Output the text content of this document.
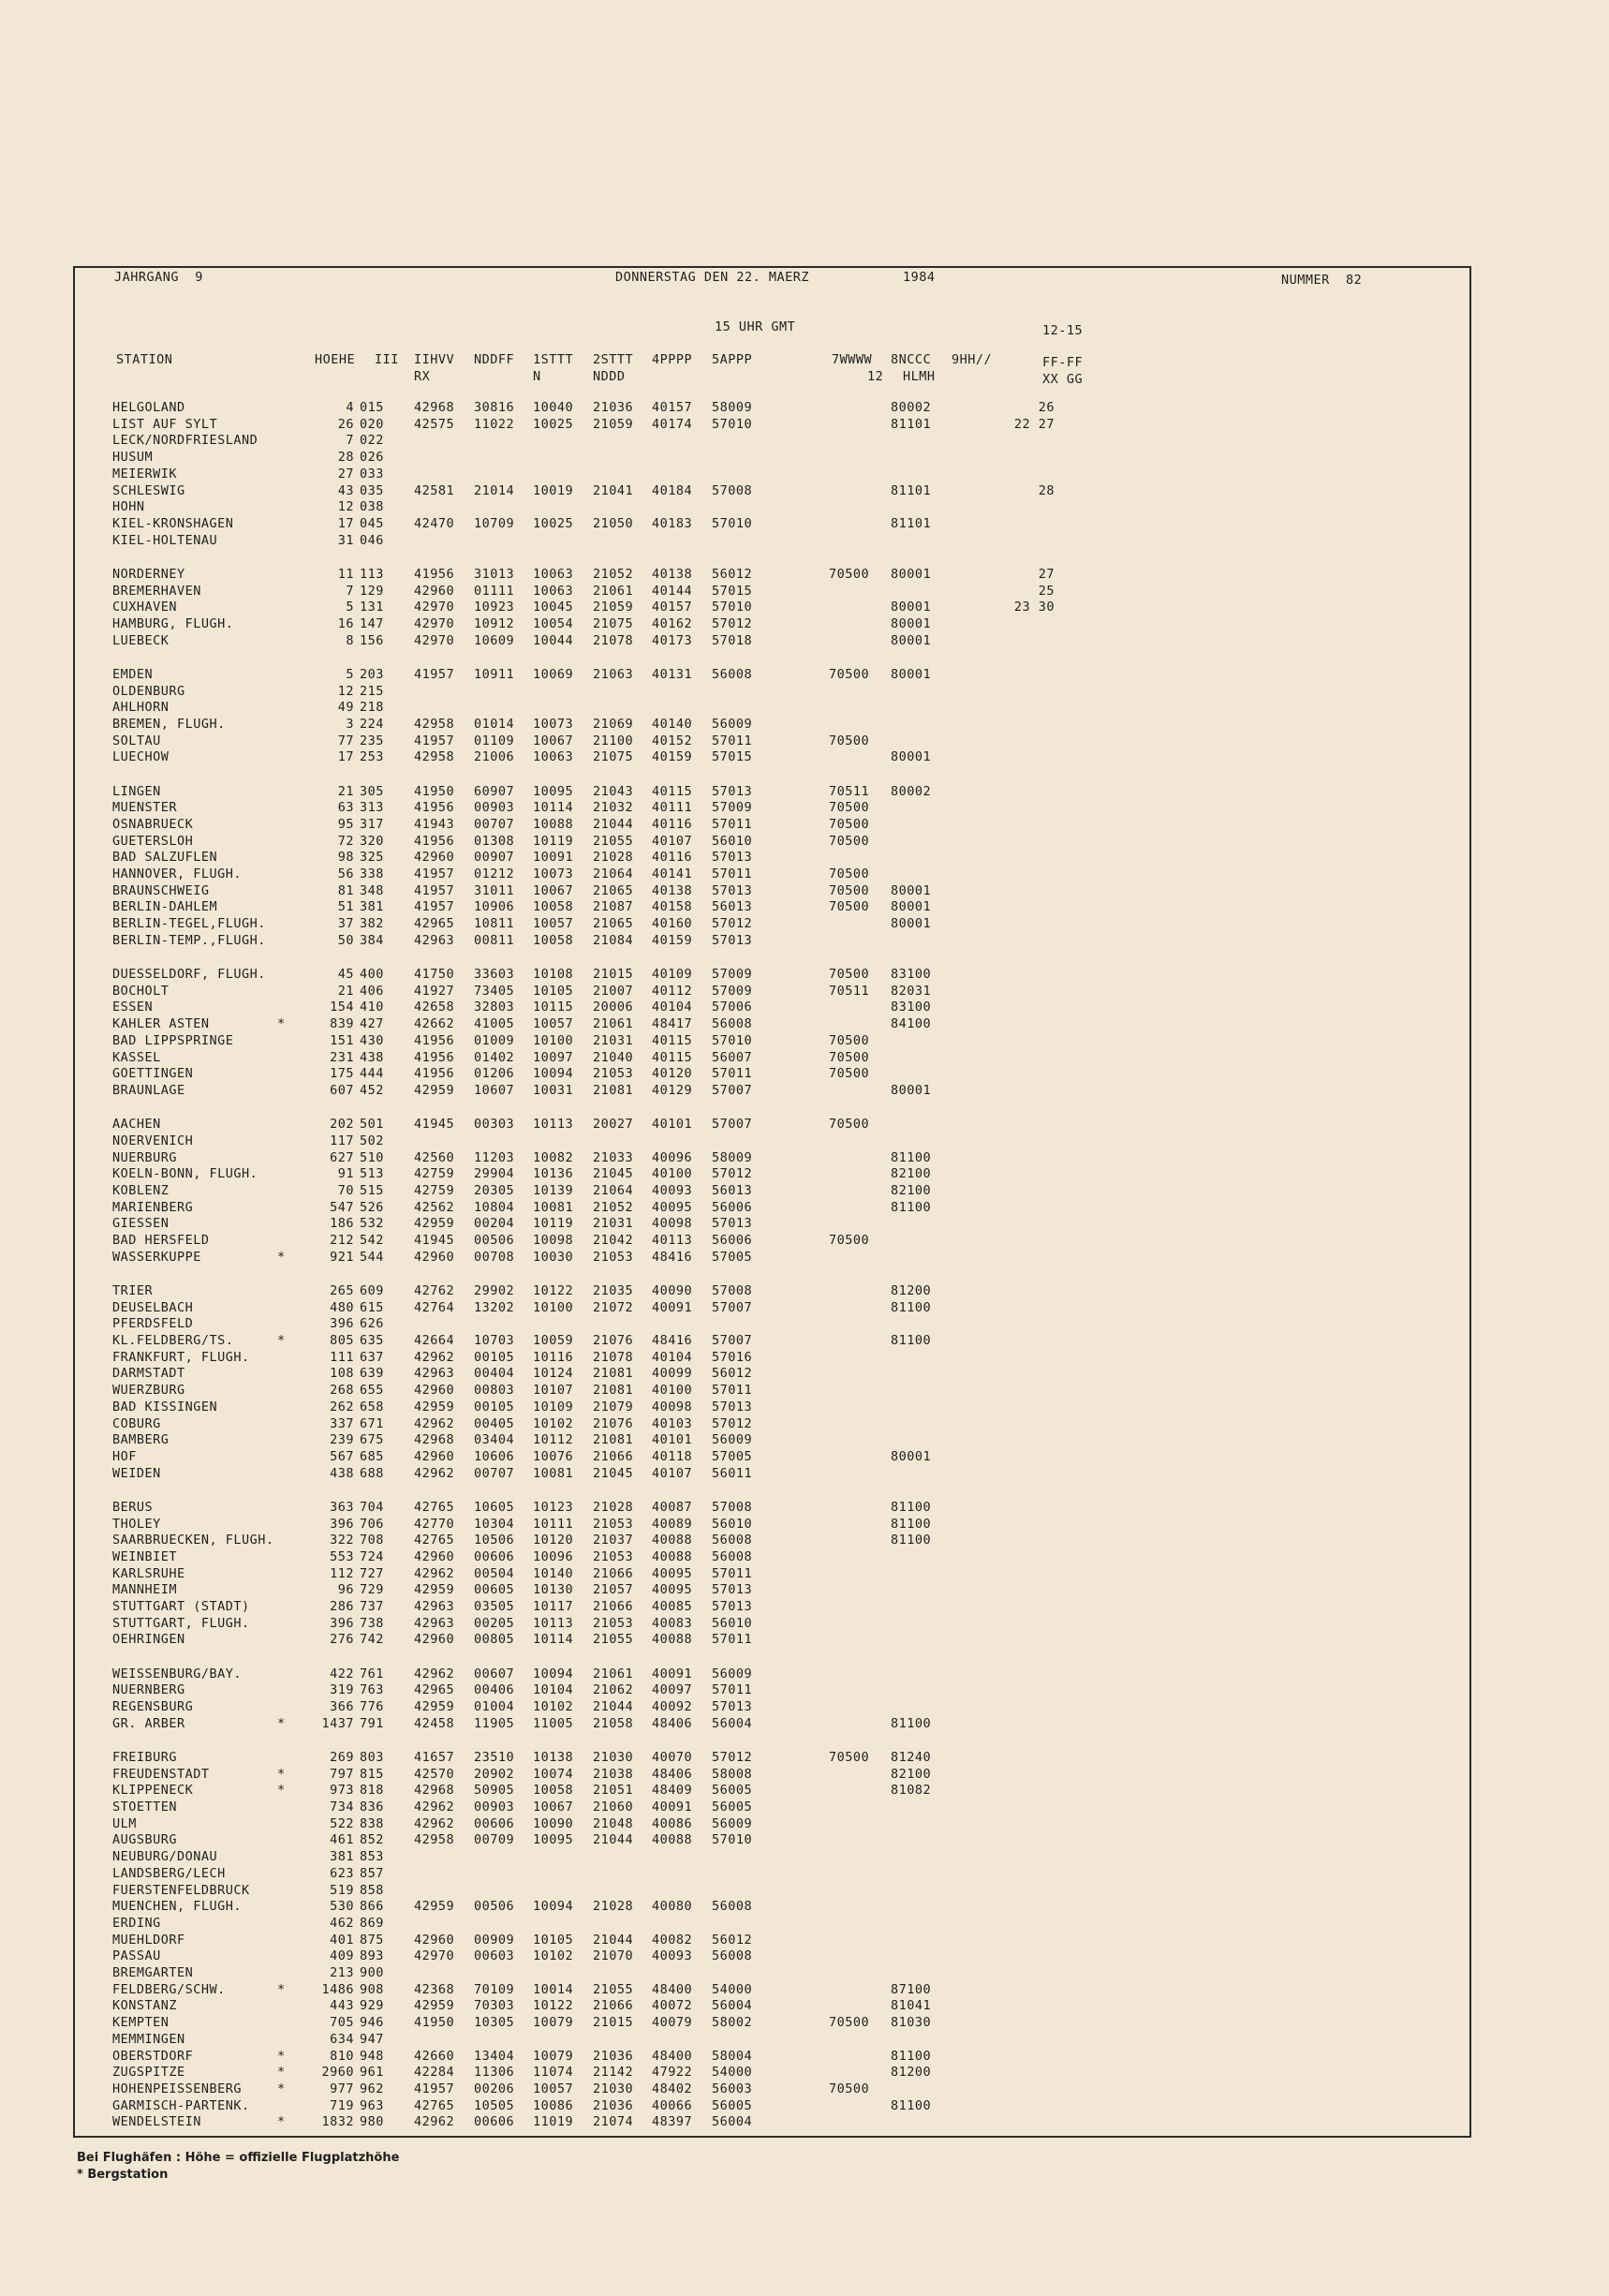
JAHRGANG  9	DONNERSTAG DEN 22. MAERZ	1984	NUMMER  82
15 UHR GMT	12-15
STATION	HOEHE III IIHVV
RX
NDDFF 1STTT
N
2STTT
NDDD
4PPPP 5APPP	7WWWW
12
8NCCC
HLMH
9HH//	FF-FF
XX GG
HELGOLAND	4 015 42968 30816 10040 21036 40157 58009	80002	26
LIST AUF SYLT	26 020 42575 11022 10025 21059 40174 57010	81101	22 27
LECK/NORDFRIESLAND	7 022
HUSUM	28 026
MEIERWIK	27 033
SCHLESWIG	43 035 42581 21014 10019 21041 40184 57008	81101	28
HOHN	12 038
KIEL-KRONSHAGEN	17 045 42470 10709 10025 21050 40183 57010	81101
KIEL-HOLTENAU	31 046
NORDERNEY	11 113 41956 31013 10063 21052 40138 56012	70500 80001	27
BREMERHAVEN	7 129 42960 01111 10063 21061 40144 57015	25
CUXHAVEN	5 131 42970 10923 10045 21059 40157 57010	80001	23 30
HAMBURG, FLUGH.	16 147 42970 10912 10054 21075 40162 57012	80001
LUEBECK	8 156 42970 10609 10044 21078 40173 57018	80001
EMDEN	5 203 41957 10911 10069 21063 40131 56008	70500 80001
OLDENBURG	12 215
AHLHORN	49 218
BREMEN, FLUGH.	3 224 42958 01014 10073 21069 40140 56009
SOLTAU	77 235 41957 01109 10067 21100 40152 57011	70500
LUECHOW	17 253 42958 21006 10063 21075 40159 57015	80001
LINGEN	21 305 41950 60907 10095 21043 40115 57013	70511 80002
MUENSTER	63 313 41956 00903 10114 21032 40111 57009	70500
OSNABRUECK	95 317 41943 00707 10088 21044 40116 57011	70500
GUETERSLOH	72 320 41956 01308 10119 21055 40107 56010	70500
BAD SALZUFLEN	98 325 42960 00907 10091 21028 40116 57013
HANNOVER, FLUGH.	56 338 41957 01212 10073 21064 40141 57011	70500
BRAUNSCHWEIG	81 348 41957 31011 10067 21065 40138 57013	70500 80001
BERLIN-DAHLEM	51 381 41957 10906 10058 21087 40158 56013	70500 80001
BERLIN-TEGEL,FLUGH.	37 382 42965 10811 10057 21065 40160 57012	80001
BERLIN-TEMP.,FLUGH.	50 384 42963 00811 10058 21084 40159 57013
DUESSELDORF, FLUGH.	45 400 41750 33603 10108 21015 40109 57009	70500 83100
BOCHOLT	21 406 41927 73405 10105 21007 40112 57009	70511 82031
ESSEN	154 410 42658 32803 10115 20006 40104 57006	83100
KAHLER ASTEN	*	839 427 42662 41005 10057 21061 48417 56008	84100
BAD LIPPSPRINGE	151 430 41956 01009 10100 21031 40115 57010	70500
KASSEL	231 438 41956 01402 10097 21040 40115 56007	70500
GOETTINGEN	175 444 41956 01206 10094 21053 40120 57011	70500
BRAUNLAGE	607 452 42959 10607 10031 21081 40129 57007	80001
AACHEN	202 501 41945 00303 10113 20027 40101 57007	70500
NOERVENICH	117 502
NUERBURG	627 510 42560 11203 10082 21033 40096 58009	81100
KOELN-BONN, FLUGH.	91 513 42759 29904 10136 21045 40100 57012	82100
KOBLENZ	70 515 42759 20305 10139 21064 40093 56013	82100
MARIENBERG	547 526 42562 10804 10081 21052 40095 56006	81100
GIESSEN	186 532 42959 00204 10119 21031 40098 57013
BAD HERSFELD	212 542 41945 00506 10098 21042 40113 56006	70500
WASSERKUPPE	*	921 544 42960 00708 10030 21053 48416 57005
TRIER	265 609 42762 29902 10122 21035 40090 57008	81200
DEUSELBACH	480 615 42764 13202 10100 21072 40091 57007	81100
PFERDSFELD	396 626
KL.FELDBERG/TS.	*	805 635 42664 10703 10059 21076 48416 57007	81100
FRANKFURT, FLUGH.	111 637 42962 00105 10116 21078 40104 57016
DARMSTADT	108 639 42963 00404 10124 21081 40099 56012
WUERZBURG	268 655 42960 00803 10107 21081 40100 57011
BAD KISSINGEN	262 658 42959 00105 10109 21079 40098 57013
COBURG	337 671 42962 00405 10102 21076 40103 57012
BAMBERG	239 675 42968 03404 10112 21081 40101 56009
HOF	567 685 42960 10606 10076 21066 40118 57005	80001
WEIDEN	438 688 42962 00707 10081 21045 40107 56011
BERUS	363 704 42765 10605 10123 21028 40087 57008	81100
THOLEY	396 706 42770 10304 10111 21053 40089 56010	81100
SAARBRUECKEN, FLUGH.	322 708 42765 10506 10120 21037 40088 56008	81100
WEINBIET	553 724 42960 00606 10096 21053 40088 56008
KARLSRUHE	112 727 42962 00504 10140 21066 40095 57011
MANNHEIM	96 729 42959 00605 10130 21057 40095 57013
STUTTGART (STADT)	286 737 42963 03505 10117 21066 40085 57013
STUTTGART, FLUGH.	396 738 42963 00205 10113 21053 40083 56010
OEHRINGEN	276 742 42960 00805 10114 21055 40088 57011
WEISSENBURG/BAY.	422 761 42962 00607 10094 21061 40091 56009
NUERNBERG	319 763 42965 00406 10104 21062 40097 57011
REGENSBURG	366 776 42959 01004 10102 21044 40092 57013
GR. ARBER	*	1437 791 42458 11905 11005 21058 48406 56004	81100
FREIBURG	269 803 41657 23510 10138 21030 40070 57012	70500 81240
FREUDENSTADT	*	797 815 42570 20902 10074 21038 48406 58008	82100
KLIPPENECK	*	973 818 42968 50905 10058 21051 48409 56005	81082
STOETTEN	734 836 42962 00903 10067 21060 40091 56005
ULM	522 838 42962 00606 10090 21048 40086 56009
AUGSBURG	461 852 42958 00709 10095 21044 40088 57010
NEUBURG/DONAU	381 853
LANDSBERG/LECH	623 857
FUERSTENFELDBRUCK	519 858
MUENCHEN, FLUGH.	530 866 42959 00506 10094 21028 40080 56008
ERDING	462 869
MUEHLDORF	401 875 42960 00909 10105 21044 40082 56012
PASSAU	409 893 42970 00603 10102 21070 40093 56008
BREMGARTEN	213 900
FELDBERG/SCHW.	*	1486 908 42368 70109 10014 21055 48400 54000	87100
KONSTANZ	443 929 42959 70303 10122 21066 40072 56004	81041
KEMPTEN	705 946 41950 10305 10079 21015 40079 58002	70500 81030
MEMMINGEN	634 947
OBERSTDORF	*	810 948 42660 13404 10079 21036 48400 58004	81100
ZUGSPITZE	*	2960 961 42284 11306 11074 21142 47922 54000	81200
HOHENPEISSENBERG	*	977 962 41957 00206 10057 21030 48402 56003	70500
GARMISCH-PARTENK.	719 963 42765 10505 10086 21036 40066 56005	81100
WENDELSTEIN	*	1832 980 42962 00606 11019 21074 48397 56004
Bei Flughäfen : Höhe = offizielle Flugplatzhöhe
* Bergstation
